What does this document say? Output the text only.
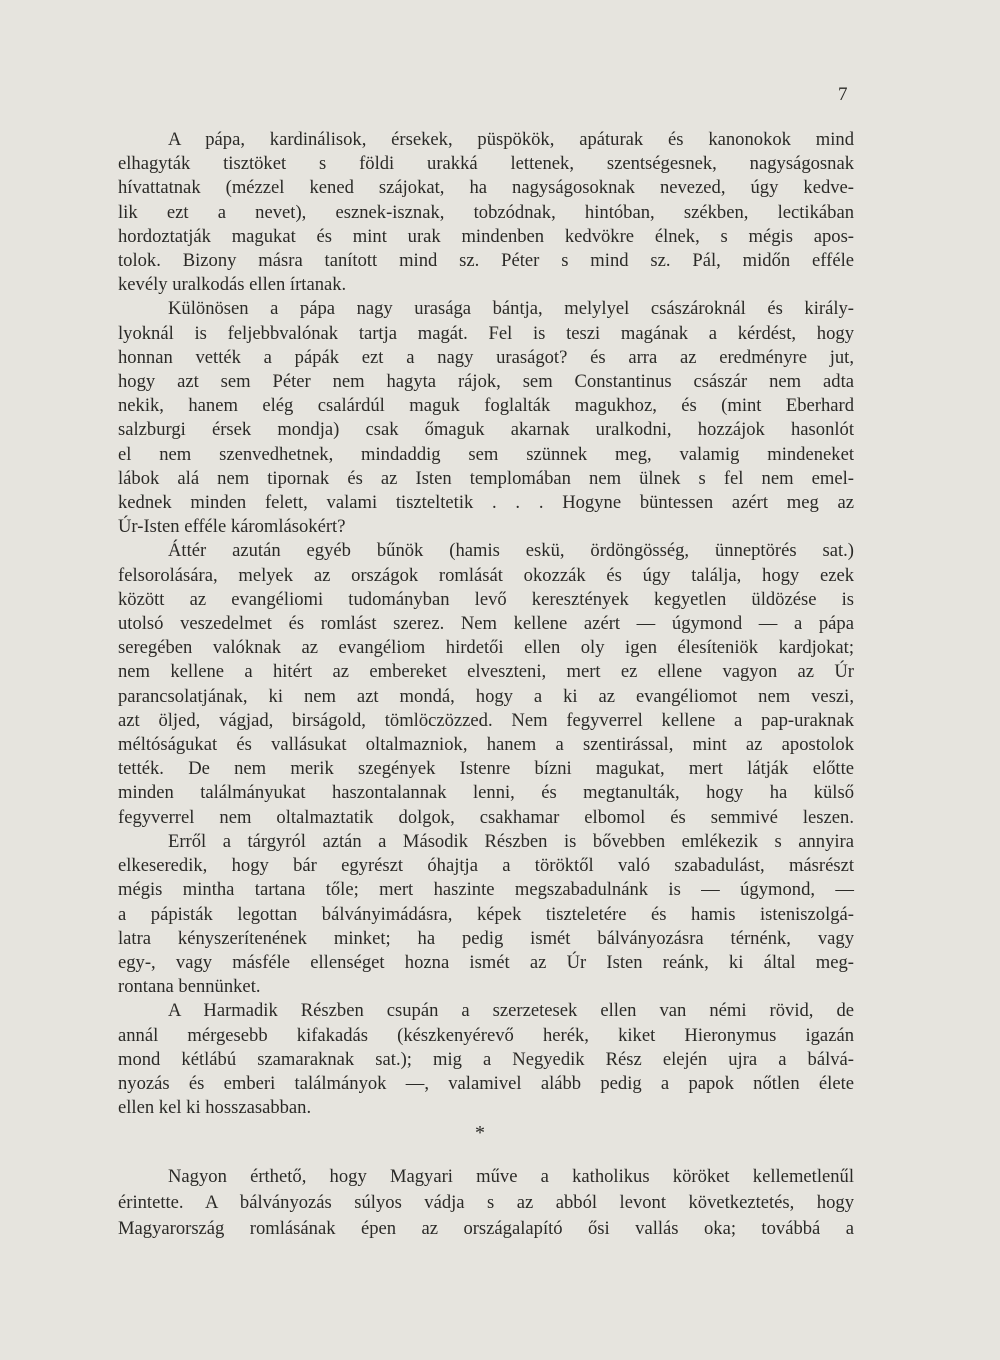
7

A pápa, kardinálisok, érsekek, püspökök, apáturak és kanonokok mind
elhagyták tisztöket s földi urakká lettenek, szentségesnek, nagyságosnak
hívattatnak (mézzel kened szájokat, ha nagyságosoknak nevezed, úgy kedve-
lik ezt a nevet), esznek-isznak, tobzódnak, hintóban, székben, lectikában
hordoztatják magukat és mint urak mindenben kedvökre élnek, s mégis apos-
tolok. Bizony másra tanított mind sz. Péter s mind sz. Pál, midőn efféle
kevély uralkodás ellen írtanak.

Különösen a pápa nagy urasága bántja, melylyel császároknál és király-
lyoknál is feljebbvalónak tartja magát. Fel is teszi magának a kérdést, hogy
honnan vették a pápák ezt a nagy uraságot? és arra az eredményre jut,
hogy azt sem Péter nem hagyta rájok, sem Constantinus császár nem adta
nekik, hanem elég csalárdúl maguk foglalták magukhoz, és (mint Eberhard
salzburgi érsek mondja) csak őmaguk akarnak uralkodni, hozzájok hasonlót
el nem szenvedhetnek, mindaddig sem szünnek meg, valamig mindeneket
lábok alá nem tipornak és az Isten templomában nem ülnek s fel nem emel-
kednek minden felett, valami tiszteltetik . . . Hogyne büntessen azért meg az
Úr-Isten efféle káromlásokért?

Áttér azután egyéb bűnök (hamis eskü, ördöngösség, ünneptörés sat.)
felsorolására, melyek az országok romlását okozzák és úgy találja, hogy ezek
között az evangéliomi tudományban levő keresztények kegyetlen üldözése is
utolsó veszedelmet és romlást szerez. Nem kellene azért — úgymond — a pápa
seregében valóknak az evangéliom hirdetői ellen oly igen élesíteniök kardjokat;
nem kellene a hitért az embereket elveszteni, mert ez ellene vagyon az Úr
parancsolatjának, ki nem azt mondá, hogy a ki az evangéliomot nem veszi,
azt öljed, vágjad, birságold, tömlöczözzed. Nem fegyverrel kellene a pap-uraknak
méltóságukat és vallásukat oltalmazniok, hanem a szentirással, mint az apostolok
tették. De nem merik szegények Istenre bízni magukat, mert látják előtte
minden találmányukat haszontalannak lenni, és megtanulták, hogy ha külső
fegyverrel nem oltalmaztatik dolgok, csakhamar elbomol és semmivé leszen.

Erről a tárgyról aztán a Második Részben is bővebben emlékezik s annyira
elkeseredik, hogy bár egyrészt óhajtja a töröktől való szabadulást, másrészt
mégis mintha tartana tőle; mert haszinte megszabadulnánk is — úgymond, —
a pápisták legottan bálványimádásra, képek tiszteletére és hamis isteniszolgá-
latra kényszerítenének minket; ha pedig ismét bálványozásra térnénk, vagy
egy-, vagy másféle ellenséget hozna ismét az Úr Isten reánk, ki által meg-
rontana bennünket.

A Harmadik Részben csupán a szerzetesek ellen van némi rövid, de
annál mérgesebb kifakadás (készkenyérevő herék, kiket Hieronymus igazán
mond kétlábú szamaraknak sat.); mig a Negyedik Rész elején ujra a bálvá-
nyozás és emberi találmányok —, valamivel alább pedig a papok nőtlen élete
ellen kel ki hosszasabban.

*
Nagyon érthető, hogy Magyari műve a katholikus köröket kellemetlenűl
érintette. A bálványozás súlyos vádja s az abból levont következtetés, hogy
Magyarország romlásának épen az országalapító ősi vallás oka; továbbá a
